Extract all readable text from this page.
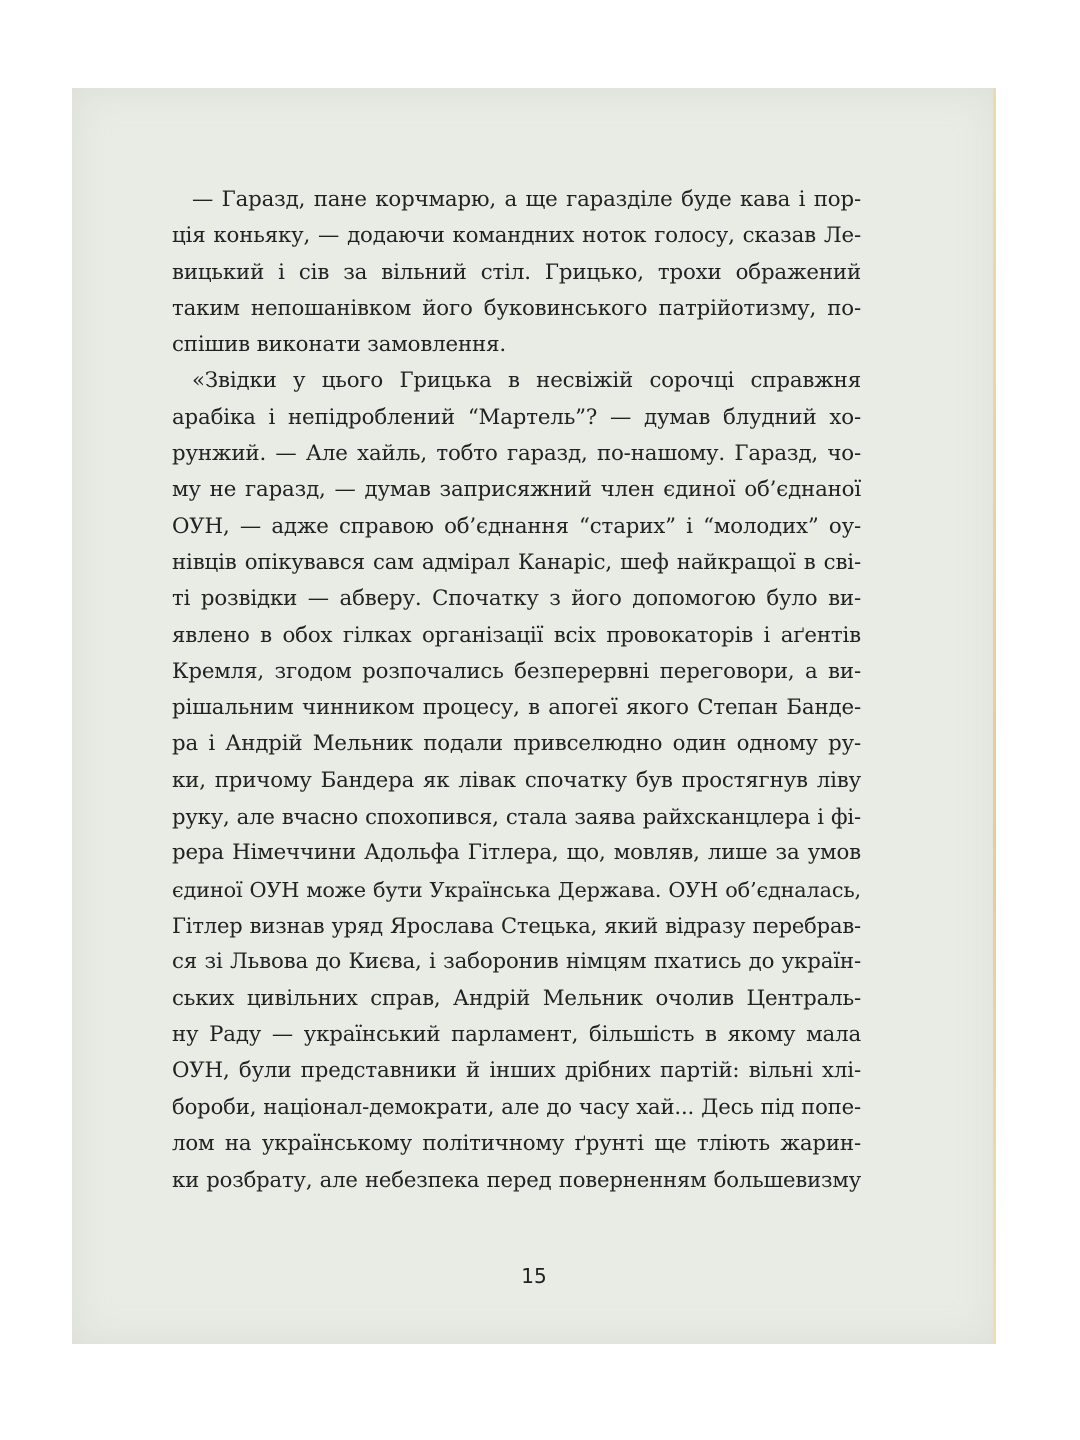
— Гаразд, пане корчмарю, а ще гаразділе буде кава і пор-
ція коньяку, — додаючи командних ноток голосу, сказав Ле-
вицький і сів за вільний стіл. Грицько, трохи ображений
таким непошанівком його буковинського патрійотизму, по-
спішив виконати замовлення.
«Звідки у цього Грицька в несвіжій сорочці справжня
арабіка і непідроблений “Мартель”? — думав блудний хо-
рунжий. — Але хайль, тобто гаразд, по-нашому. Гаразд, чо-
му не гаразд, — думав заприсяжний член єдиної об’єднаної
ОУН, — адже справою об’єднання “старих” і “молодих” оу-
нівців опікувався сам адмірал Канаріс, шеф найкращої в сві-
ті розвідки — абверу. Спочатку з його допомогою було ви-
явлено в обох гілках організації всіх провокаторів і аґентів
Кремля, згодом розпочались безперервні переговори, а ви-
рішальним чинником процесу, в апогеї якого Степан Банде-
ра і Андрій Мельник подали привселюдно один одному ру-
ки, причому Бандера як лівак спочатку був простягнув ліву
руку, але вчасно спохопився, стала заява райхсканцлера і фі-
рера Німеччини Адольфа Гітлера, що, мовляв, лише за умов
єдиної ОУН може бути Українська Держава. ОУН об’єдналась,
Гітлер визнав уряд Ярослава Стецька, який відразу перебрав-
ся зі Львова до Києва, і заборонив німцям пхатись до україн-
ських цивільних справ, Андрій Мельник очолив Централь-
ну Раду — український парламент, більшість в якому мала
ОУН, були представники й інших дрібних партій: вільні хлі-
бороби, націонал-демократи, але до часу хай... Десь під попе-
лом на українському політичному ґрунті ще тліють жарин-
ки розбрату, але небезпека перед поверненням большевизму
15
